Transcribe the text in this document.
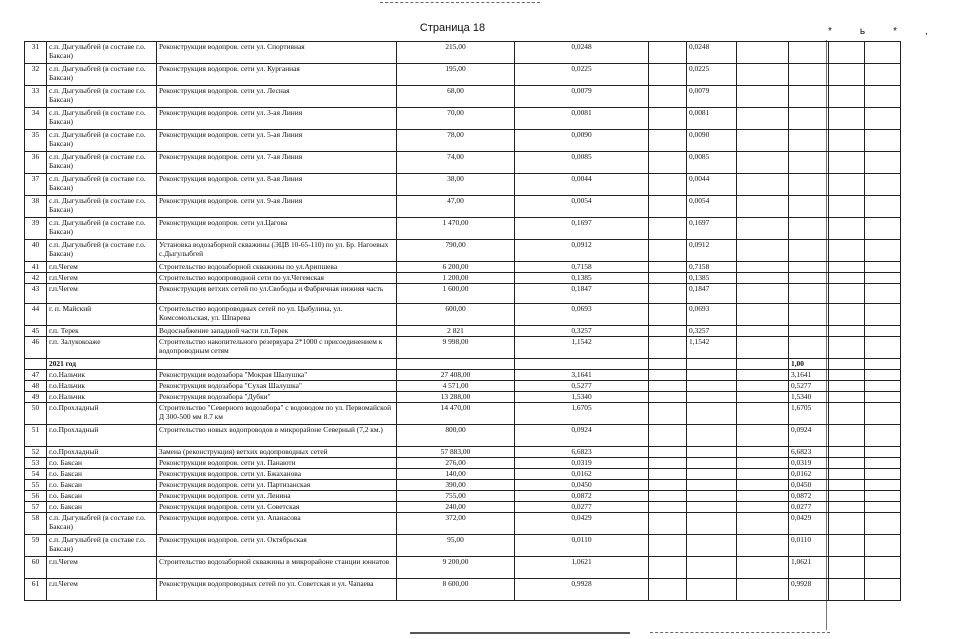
Страница 18	*ь*,
31	с.п. Дыгулыбгей (в составе г.о. Баксан)	Реконструкция водопров. сети ул. Спортивная	215,00	0,0248		0,0248				
32	с.п. Дыгулыбгей (в составе г.о. Баксан)	Реконструкция водопров. сети ул. Курганная	195,00	0,0225		0,0225				
33	с.п. Дыгулыбгей (в составе г.о. Баксан)	Реконструкция водопров. сети ул. Лесная	68,00	0,0079		0,0079				
34	с.п. Дыгулыбгей (в составе г.о. Баксан)	Реконструкция водопров. сети ул. 3-ая Линия	70,00	0,0081		0,0081				
35	с.п. Дыгулыбгей (в составе г.о. Баксан)	Реконструкция водопров. сети ул. 5-ая Линия	78,00	0,0090		0,0090				
36	с.п. Дыгулыбгей (в составе г.о. Баксан)	Реконструкция водопров. сети ул. 7-ая Линия	74,00	0,0085		0,0085				
37	с.п. Дыгулыбгей (в составе г.о. Баксан)	Реконструкция водопров. сети ул. 8-ая Линия	38,00	0,0044		0,0044				
38	с.п. Дыгулыбгей (в составе г.о. Баксан)	Реконструкция водопров. сети ул. 9-ая Линия	47,00	0,0054		0,0054				
39	с.п. Дыгулыбгей (в составе г.о. Баксан)	Реконструкция водопров. сети ул.Цагова	1 470,00	0,1697		0,1697				
40	с.п. Дыгулыбгей (в составе г.о. Баксан)	Установка водозаборной скважины (ЭЦВ 10-65-110) по ул. Бр. Нагоевых с.Дыгулыбгей	790,00	0,0912		0,0912				
41	г.п.Чегем	Строительство водозаборной скважины по ул.Арипшева	6 200,00	0,7158		0,7158				
42	г.п.Чегем	Строительство водопроводной сети по ул.Чегемская	1 200,00	0,1385		0,1385				
43	г.п.Чегем	Реконструкция ветхих сетей по ул.Свободы и Фабричная нижняя часть	1 600,00	0,1847		0,1847				
44	г. п. Майский	Строительство водопроводных сетей по ул. Цыбулина, ул. Комсомольская, ул. Шпарева	600,00	0,0693		0,0693				
45	г.п. Терек	Водоснабжение западной части г.п.Терек	2 821	0,3257		0,3257				
46	г.п. Залукокоаже	Строительство накопительного резервуара 2*1000 с присоединением к водопроводным сетям	9 998,00	1,1542		1,1542				
	2021 год							1,00		
47	г.о.Нальчик	Реконструкция водозабора "Мокрая Шалушка"	27 408,00	3,1641				3,1641		
48	г.о.Нальчик	Реконструкция водозабора "Сухая Шалушка"	4 571,00	0,5277				0,5277		
49	г.о.Нальчик	Реконструкция водозабора "Дубки"	13 288,00	1,5340				1,5340		
50	г.о.Прохладный	Строительство "Северного водозабора" с водоводом по ул. Первомайской Д 300-500 мм 8.7 км	14 470,00	1,6705				1,6705		
51	г.о.Прохладный	Строительство новых водопроводов в микрорайоне Северный (7,2 км.)	800,00	0,0924				0,0924		
52	г.о.Прохладный	Замена (реконструкция) ветхих водопроводных сетей	57 883,00	6,6823				6,6823		
53	г.о. Баксан	Реконструкция водопров. сети ул. Панаюти	276,00	0,0319				0,0319		
54	г.о. Баксан	Реконструкция водопров. сети ул. Бжаханова	140,00	0,0162				0,0162		
55	г.о. Баксан	Реконструкция водопров. сети ул. Партизанская	390,00	0,0450				0,0450		
56	г.о. Баксан	Реконструкция водопров. сети ул. Ленина	755,00	0,0872				0,0872		
57	г.о. Баксан	Реконструкция водопров. сети ул. Советская	240,00	0,0277				0,0277		
58	с.п. Дыгулыбгей (в составе г.о. Баксан)	Реконструкция водопров. сети ул. Апанасова	372,00	0,0429				0,0429		
59	с.п. Дыгулыбгей (в составе г.о. Баксан)	Реконструкция водопров. сети ул. Октябрьская	95,00	0,0110				0,0110		
60	г.п.Чегем	Строительство водозаборной скважины в микрорайоне станции юннатов	9 200,00	1,0621				1,0621		
61	г.п.Чегем	Реконструкция водопроводных сетей по ул. Советская и ул. Чапаева	8 600,00	0,9928				0,9928		
